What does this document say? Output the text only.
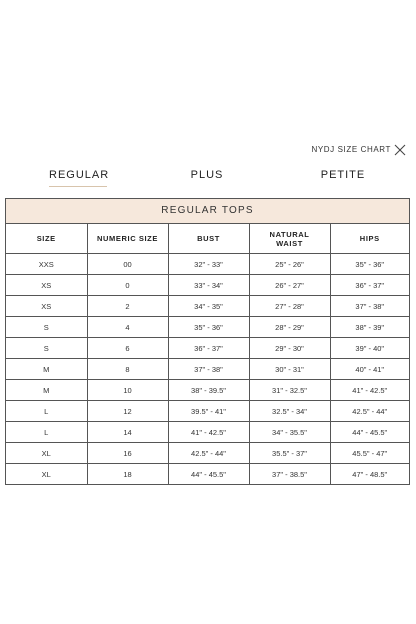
NYDJ SIZE CHART
REGULAR	PLUS	PETITE
REGULAR TOPS
SIZE	NUMERIC SIZE	BUST	NATURAL WAIST	HIPS
XXS	00	32" - 33"	25" - 26"	35" - 36"
XS	0	33" - 34"	26" - 27"	36" - 37"
XS	2	34" - 35"	27" - 28"	37" - 38"
S	4	35" - 36"	28" - 29"	38" - 39"
S	6	36" - 37"	29" - 30"	39" - 40"
M	8	37" - 38"	30" - 31"	40" - 41"
M	10	38" - 39.5"	31" - 32.5"	41" - 42.5"
L	12	39.5" - 41"	32.5" - 34"	42.5" - 44"
L	14	41" - 42.5"	34" - 35.5"	44" - 45.5"
XL	16	42.5" - 44"	35.5" - 37"	45.5" - 47"
XL	18	44" - 45.5"	37" - 38.5"	47" - 48.5"
